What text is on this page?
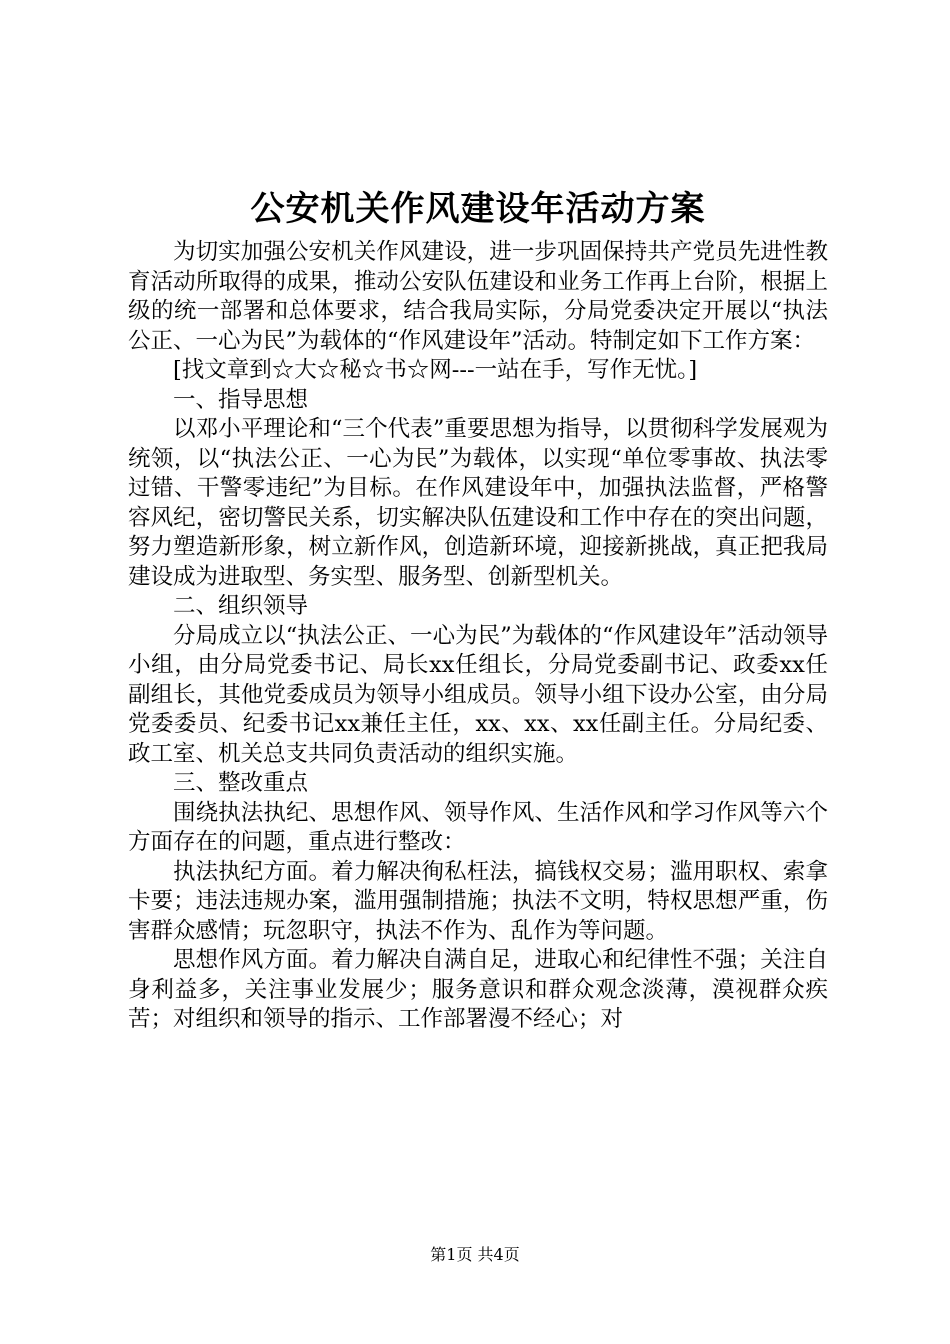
公安机关作风建设年活动方案

为切实加强公安机关作风建设，进一步巩固保持共产党员先进性教育活动所取得的成果，推动公安队伍建设和业务工作再上台阶，根据上级的统一部署和总体要求，结合我局实际，分局党委决定开展以“执法公正、一心为民”为载体的“作风建设年”活动。特制定如下工作方案：

[找文章到☆大☆秘☆书☆网---一站在手，写作无忧。]

一、指导思想

以邓小平理论和“三个代表”重要思想为指导，以贯彻科学发展观为统领，以“执法公正、一心为民”为载体，以实现“单位零事故、执法零过错、干警零违纪”为目标。在作风建设年中，加强执法监督，严格警容风纪，密切警民关系，切实解决队伍建设和工作中存在的突出问题，努力塑造新形象，树立新作风，创造新环境，迎接新挑战，真正把我局建设成为进取型、务实型、服务型、创新型机关。

二、组织领导

分局成立以“执法公正、一心为民”为载体的“作风建设年”活动领导小组，由分局党委书记、局长xx任组长，分局党委副书记、政委xx任副组长，其他党委成员为领导小组成员。领导小组下设办公室，由分局党委委员、纪委书记xx兼任主任，xx、xx、xx任副主任。分局纪委、政工室、机关总支共同负责活动的组织实施。

三、整改重点

围绕执法执纪、思想作风、领导作风、生活作风和学习作风等六个方面存在的问题，重点进行整改：

执法执纪方面。着力解决徇私枉法，搞钱权交易；滥用职权、索拿卡要；违法违规办案，滥用强制措施；执法不文明，特权思想严重，伤害群众感情；玩忽职守，执法不作为、乱作为等问题。

思想作风方面。着力解决自满自足，进取心和纪律性不强；关注自身利益多，关注事业发展少；服务意识和群众观念淡薄，漠视群众疾苦；对组织和领导的指示、工作部署漫不经心；对

第1页 共4页
